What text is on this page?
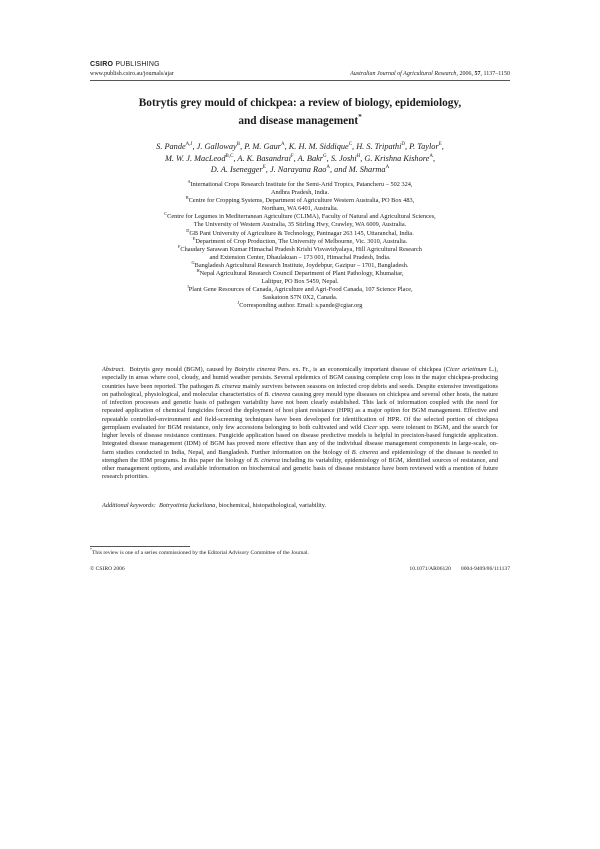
CSIRO PUBLISHING
www.publish.csiro.au/journals/ajar	Australian Journal of Agricultural Research, 2006, 57, 1137–1150
Botrytis grey mould of chickpea: a review of biology, epidemiology,
and disease management*
S. Pande$^{A,J}$, J. Galloway$^B$, P. M. Gaur$^A$, K. H. M. Siddique$^C$, H. S. Tripathi$^D$, P. Taylor$^E$,
M. W. J. MacLeod$^{B,C}$, A. K. Basandrai$^F$, A. Bakr$^G$, S. Joshi$^H$, G. Krishna Kishore$^A$,
D. A. Isenegger$^E$, J. Narayana Rao$^A$, and M. Sharma$^A$
$^A$International Crops Research Institute for the Semi-Arid Tropics, Patancheru – 502 324,
Andhra Pradesh, India.
$^B$Centre for Cropping Systems, Department of Agriculture Western Australia, PO Box 483,
Northam, WA 6401, Australia.
$^C$Centre for Legumes in Mediterranean Agriculture (CLIMA), Faculty of Natural and Agricultural Sciences,
The University of Western Australia, 35 Stirling Hwy, Crawley, WA 6009, Australia.
$^D$GB Pant University of Agriculture & Technology, Pantnagar 263 145, Uttaranchal, India.
$^E$Department of Crop Production, The University of Melbourne, Vic. 3010, Australia.
$^F$Chaudary Sarawan Kumar Himachal Pradesh Krishi Visvavidyalaya, Hill Agricultural Research
and Extension Center, Dhaulakuan – 173 001, Himachal Pradesh, India.
$^G$Bangladesh Agricultural Research Institute, Joydebpur, Gazipur – 1701, Bangladesh.
$^H$Nepal Agricultural Research Council Department of Plant Pathology, Khumaltar,
Lalitpur, PO Box 5459, Nepal.
$^I$Plant Gene Resources of Canada, Agriculture and Agri-Food Canada, 107 Science Place,
Saskatoon S7N 0X2, Canada.
$^J$Corresponding author. Email: s.pande@cgiar.org
Abstract. Botrytis grey mould (BGM), caused by Botrytis cinerea Pers. ex. Fr., is an economically important disease of chickpea (Cicer arietinum L.), especially in areas where cool, cloudy, and humid weather persists. Several epidemics of BGM causing complete crop loss in the major chickpea-producing countries have been reported. The pathogen B. cinerea mainly survives between seasons on infected crop debris and seeds. Despite extensive investigations on pathological, physiological, and molecular characteristics of B. cinerea causing grey mould type diseases on chickpea and several other hosts, the nature of infection processes and genetic basis of pathogen variability have not been clearly established. This lack of information coupled with the need for repeated application of chemical fungicides forced the deployment of host plant resistance (HPR) as a major option for BGM management. Effective and repeatable controlled-environment and field-screening techniques have been developed for identification of HPR. Of the selected portion of chickpea germplasm evaluated for BGM resistance, only few accessions belonging to both cultivated and wild Cicer spp. were tolerant to BGM, and the search for higher levels of disease resistance continues. Fungicide application based on disease predictive models is helpful in precision-based fungicide application. Integrated disease management (IDM) of BGM has proved more effective than any of the individual disease management components in large-scale, on-farm studies conducted in India, Nepal, and Bangladesh. Further information on the biology of B. cinerea and epidemiology of the disease is needed to strengthen the IDM programs. In this paper the biology of B. cinerea including its variability, epidemiology of BGM, identified sources of resistance, and other management options, and available information on biochemical and genetic basis of disease resistance have been reviewed with a mention of future research priorities.
Additional keywords: Botryotinia fuckeliana, biochemical, histopathological, variability.
*This review is one of a series commissioned by the Editorial Advisory Committee of the Journal.
© CSIRO 2006	10.1071/AR06120 0004-9409/06/111137
